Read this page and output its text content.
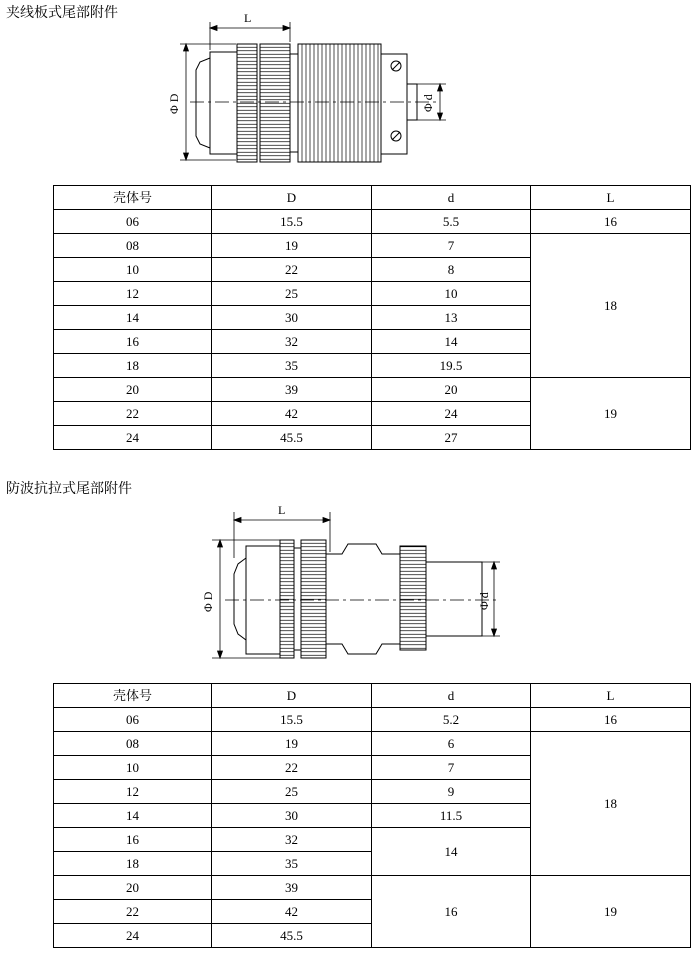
夹线板式尾部附件	L
Φ D	Φ d
壳体号	D	d	L
06	15.5	5.5	16
08	19	7	18
10	22	8	
12	25	10	
14	30	13	
16	32	14	
18	35	19.5	
20	39	20	19
22	42	24	
24	45.5	27	
防波抗拉式尾部附件
L
Φ D	Φ d
壳体号	D	d	L
06	15.5	5.2	16
08	19	6	18
10	22	7	
12	25	9	
14	30	11.5	
16	32	14	
18	35		
20	39	16	19
22	42		
24	45.5		
